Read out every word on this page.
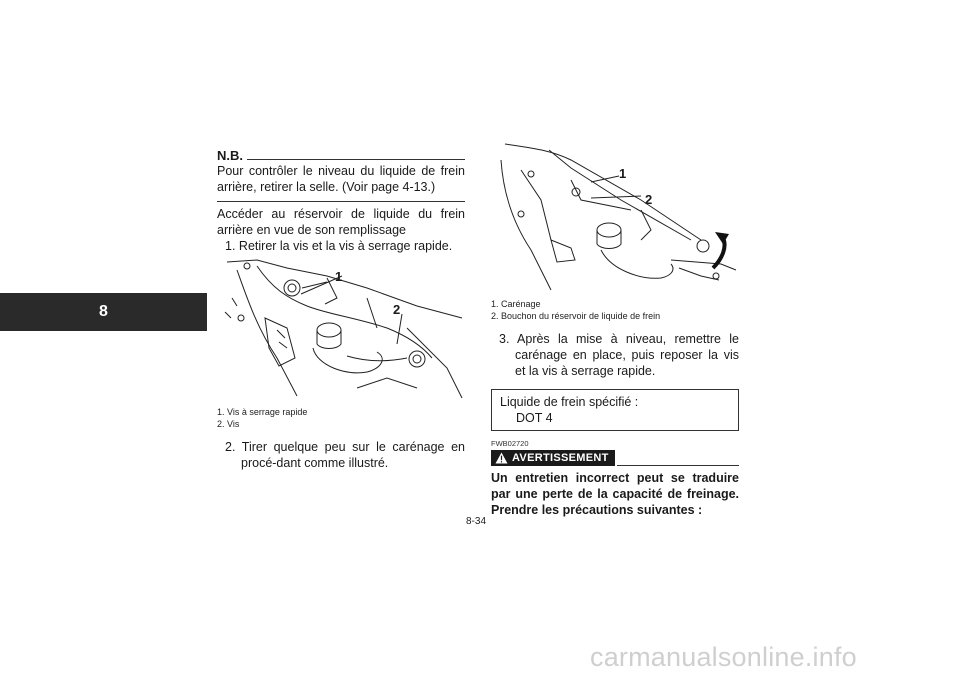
8
N.B.
Pour contrôler le niveau du liquide de frein arrière, retirer la selle. (Voir page 4-13.)
Accéder au réservoir de liquide du frein arrière en vue de son remplissage
1. Retirer la vis et la vis à serrage rapide.
1
2
1. Vis à serrage rapide
2. Vis
2. Tirer quelque peu sur le carénage en procé-dant comme illustré.
1
2
1. Carénage
2. Bouchon du réservoir de liquide de frein
3. Après la mise à niveau, remettre le carénage en place, puis reposer la vis et la vis à serrage rapide.
Liquide de frein spécifié :
DOT 4
FWB02720
AVERTISSEMENT
Un entretien incorrect peut se traduire par une perte de la capacité de freinage. Prendre les précautions suivantes :
8-34
carmanualsonline.info
